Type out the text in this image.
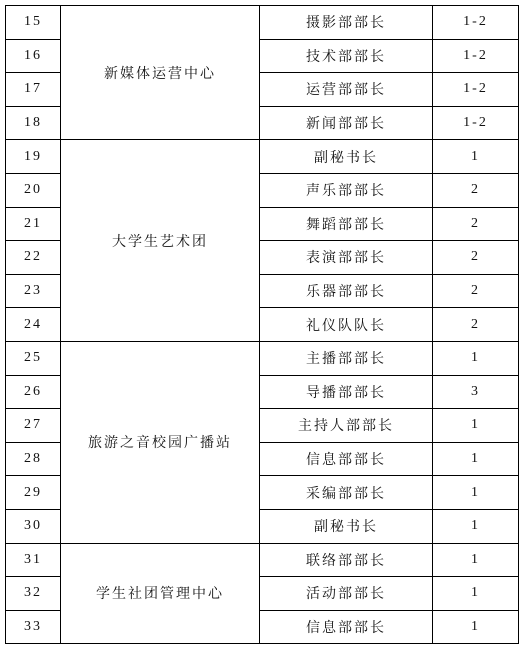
15	新媒体运营中心	摄影部部长	1-2
16		技术部部长	1-2
17		运营部部长	1-2
18		新闻部部长	1-2
19	大学生艺术团	副秘书长	1
20		声乐部部长	2
21		舞蹈部部长	2
22		表演部部长	2
23		乐器部部长	2
24		礼仪队队长	2
25	旅游之音校园广播站	主播部部长	1
26		导播部部长	3
27		主持人部部长	1
28		信息部部长	1
29		采编部部长	1
30		副秘书长	1
31	学生社团管理中心	联络部部长	1
32		活动部部长	1
33		信息部部长	1
